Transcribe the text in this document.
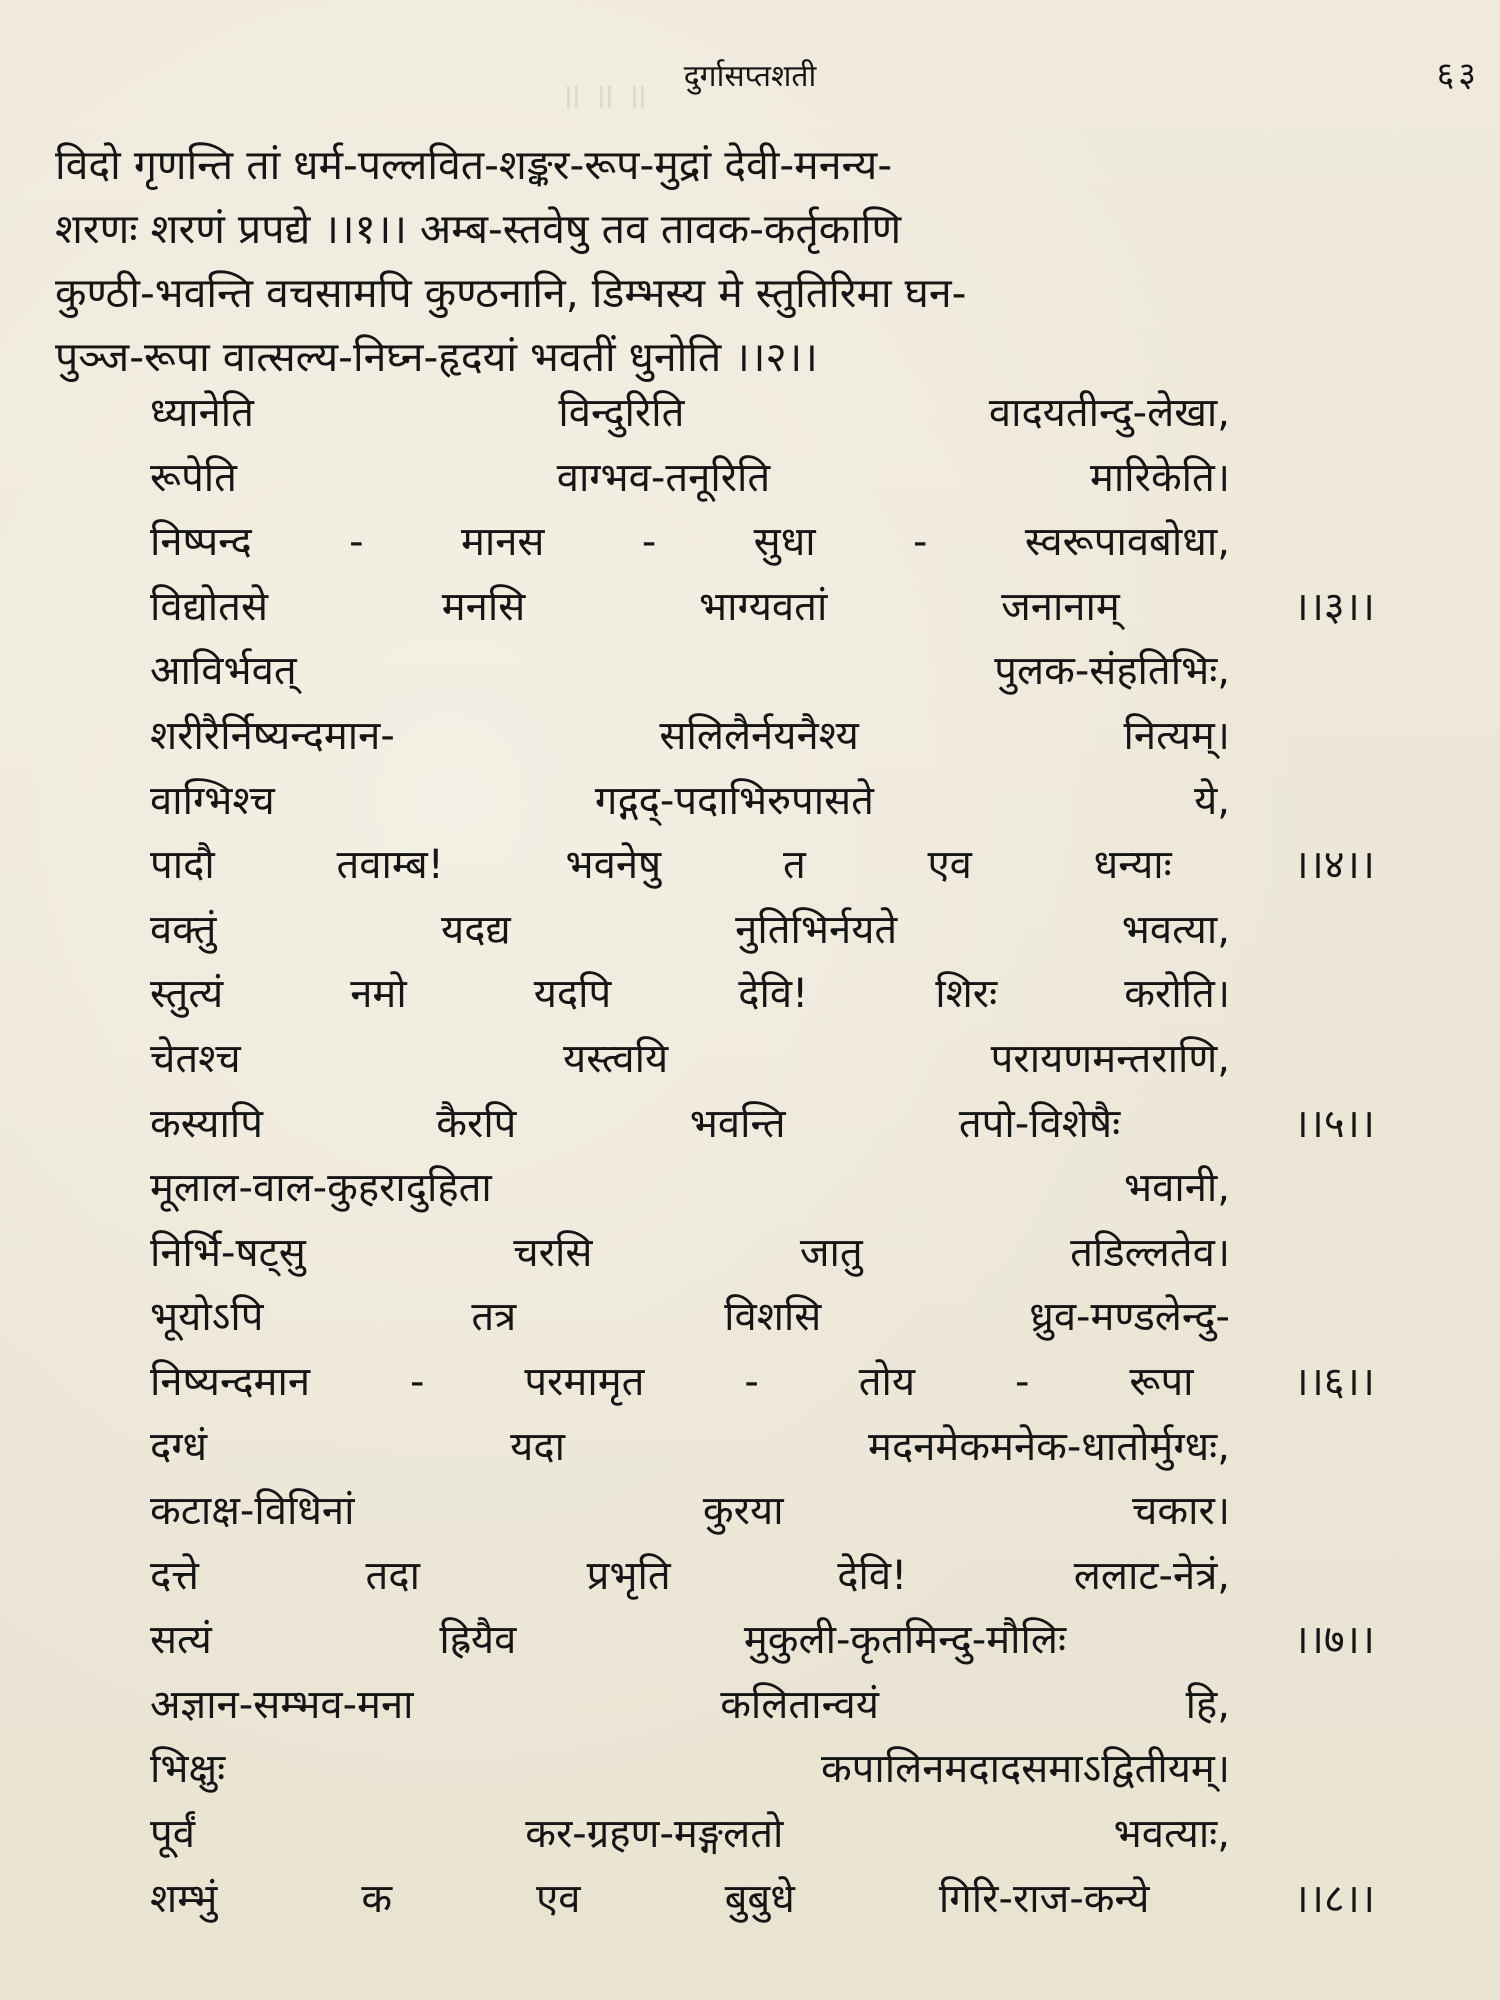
॥ ॥ ॥	दुर्गासप्तशती	६३
विदो गृणन्ति तां धर्म-पल्लवित-शङ्कर-रूप-मुद्रां देवी-मनन्य-
शरणः शरणं प्रपद्ये ।।१।। अम्ब-स्तवेषु तव तावक-कर्तृकाणि
कुण्ठी-भवन्ति वचसामपि कुण्ठनानि, डिम्भस्य मे स्तुतिरिमा घन-
पुञ्ज-रूपा वात्सल्य-निघ्न-हृदयां भवतीं धुनोति ।।२।।
ध्यानेति	विन्दुरिति	वादयतीन्दु-लेखा,
रूपेति	वाग्भव-तनूरिति	मारिकेति।
निष्पन्द - मानस - सुधा - स्वरूपावबोधा,
विद्योतसे	मनसि	भाग्यवतां	जनानाम्	।।३।।
आविर्भवत्	पुलक-संहतिभिः,
शरीरैर्निष्यन्दमान-	सलिलैर्नयनैश्य	नित्यम्।
वाग्भिश्च	गद्गद्-पदाभिरुपासते	ये,
पादौ	तवाम्ब!	भवनेषु	त	एव	धन्याः	।।४।।
वक्तुं	यदद्य	नुतिभिर्नयते	भवत्या,
स्तुत्यं	नमो	यदपि	देवि!	शिरः	करोति।
चेतश्च	यस्त्वयि	परायणमन्तराणि,
कस्यापि	कैरपि	भवन्ति	तपो-विशेषैः	।।५।।
मूलाल-वाल-कुहरादुहिता	भवानी,
निर्भि-षट्सु	चरसि	जातु	तडिल्लतेव।
भूयोऽपि	तत्र	विशसि	ध्रुव-मण्डलेन्दु-
निष्यन्दमान - परमामृत - तोय - रूपा ।।६।।
दग्धं	यदा	मदनमेकमनेक-धातोर्मुग्धः,
कटाक्ष-विधिनां	कुरया	चकार।
दत्ते	तदा	प्रभृति	देवि!	ललाट-नेत्रं,
सत्यं	ह्रियैव	मुकुली-कृतमिन्दु-मौलिः	।।७।।
अज्ञान-सम्भव-मना	कलितान्वयं	हि,
भिक्षुः	कपालिनमदादसमाऽद्वितीयम्।
पूर्वं	कर-ग्रहण-मङ्गलतो	भवत्याः,
शम्भुं	क	एव	बुबुधे	गिरि-राज-कन्ये	।।८।।
